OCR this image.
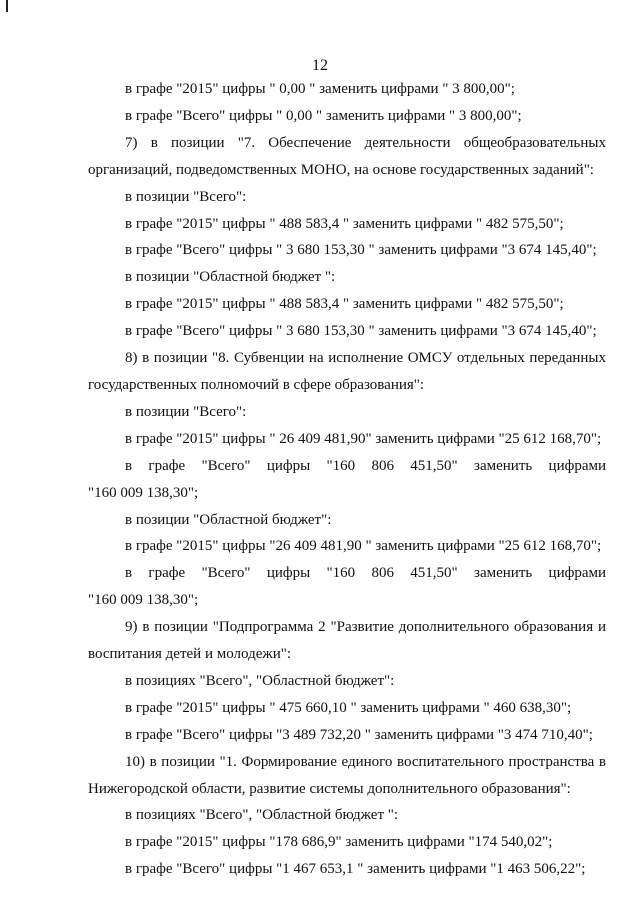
12
в графе "2015" цифры " 0,00 " заменить цифрами " 3 800,00";
в графе "Всего" цифры " 0,00 " заменить цифрами " 3 800,00";
7) в позиции "7. Обеспечение деятельности общеобразовательных
организаций, подведомственных МОНО, на основе государственных заданий":
в позиции "Всего":
в графе "2015" цифры " 488 583,4 " заменить цифрами " 482 575,50";
в графе "Всего" цифры " 3 680 153,30 " заменить цифрами "3 674 145,40";
в позиции "Областной бюджет ":
в графе "2015" цифры " 488 583,4 " заменить цифрами " 482 575,50";
в графе "Всего" цифры " 3 680 153,30 " заменить цифрами "3 674 145,40";
8) в позиции "8. Субвенции на исполнение ОМСУ отдельных переданных
государственных полномочий в сфере образования":
в позиции "Всего":
в графе "2015" цифры " 26 409 481,90" заменить цифрами "25 612 168,70";
в графе "Всего" цифры "160 806 451,50" заменить цифрами
"160 009 138,30";
в позиции "Областной бюджет":
в графе "2015" цифры "26 409 481,90 " заменить цифрами "25 612 168,70";
в графе "Всего" цифры "160 806 451,50" заменить цифрами
"160 009 138,30";
9) в позиции "Подпрограмма 2 "Развитие дополнительного образования и
воспитания детей и молодежи":
в позициях "Всего", "Областной бюджет":
в графе "2015" цифры " 475 660,10 " заменить цифрами " 460 638,30";
в графе "Всего" цифры "3 489 732,20 " заменить цифрами "3 474 710,40";
10) в позиции "1. Формирование единого воспитательного пространства в
Нижегородской области, развитие системы дополнительного образования":
в позициях "Всего", "Областной бюджет ":
в графе "2015" цифры "178 686,9" заменить цифрами "174 540,02";
в графе "Всего" цифры "1 467 653,1 " заменить цифрами "1 463 506,22";
